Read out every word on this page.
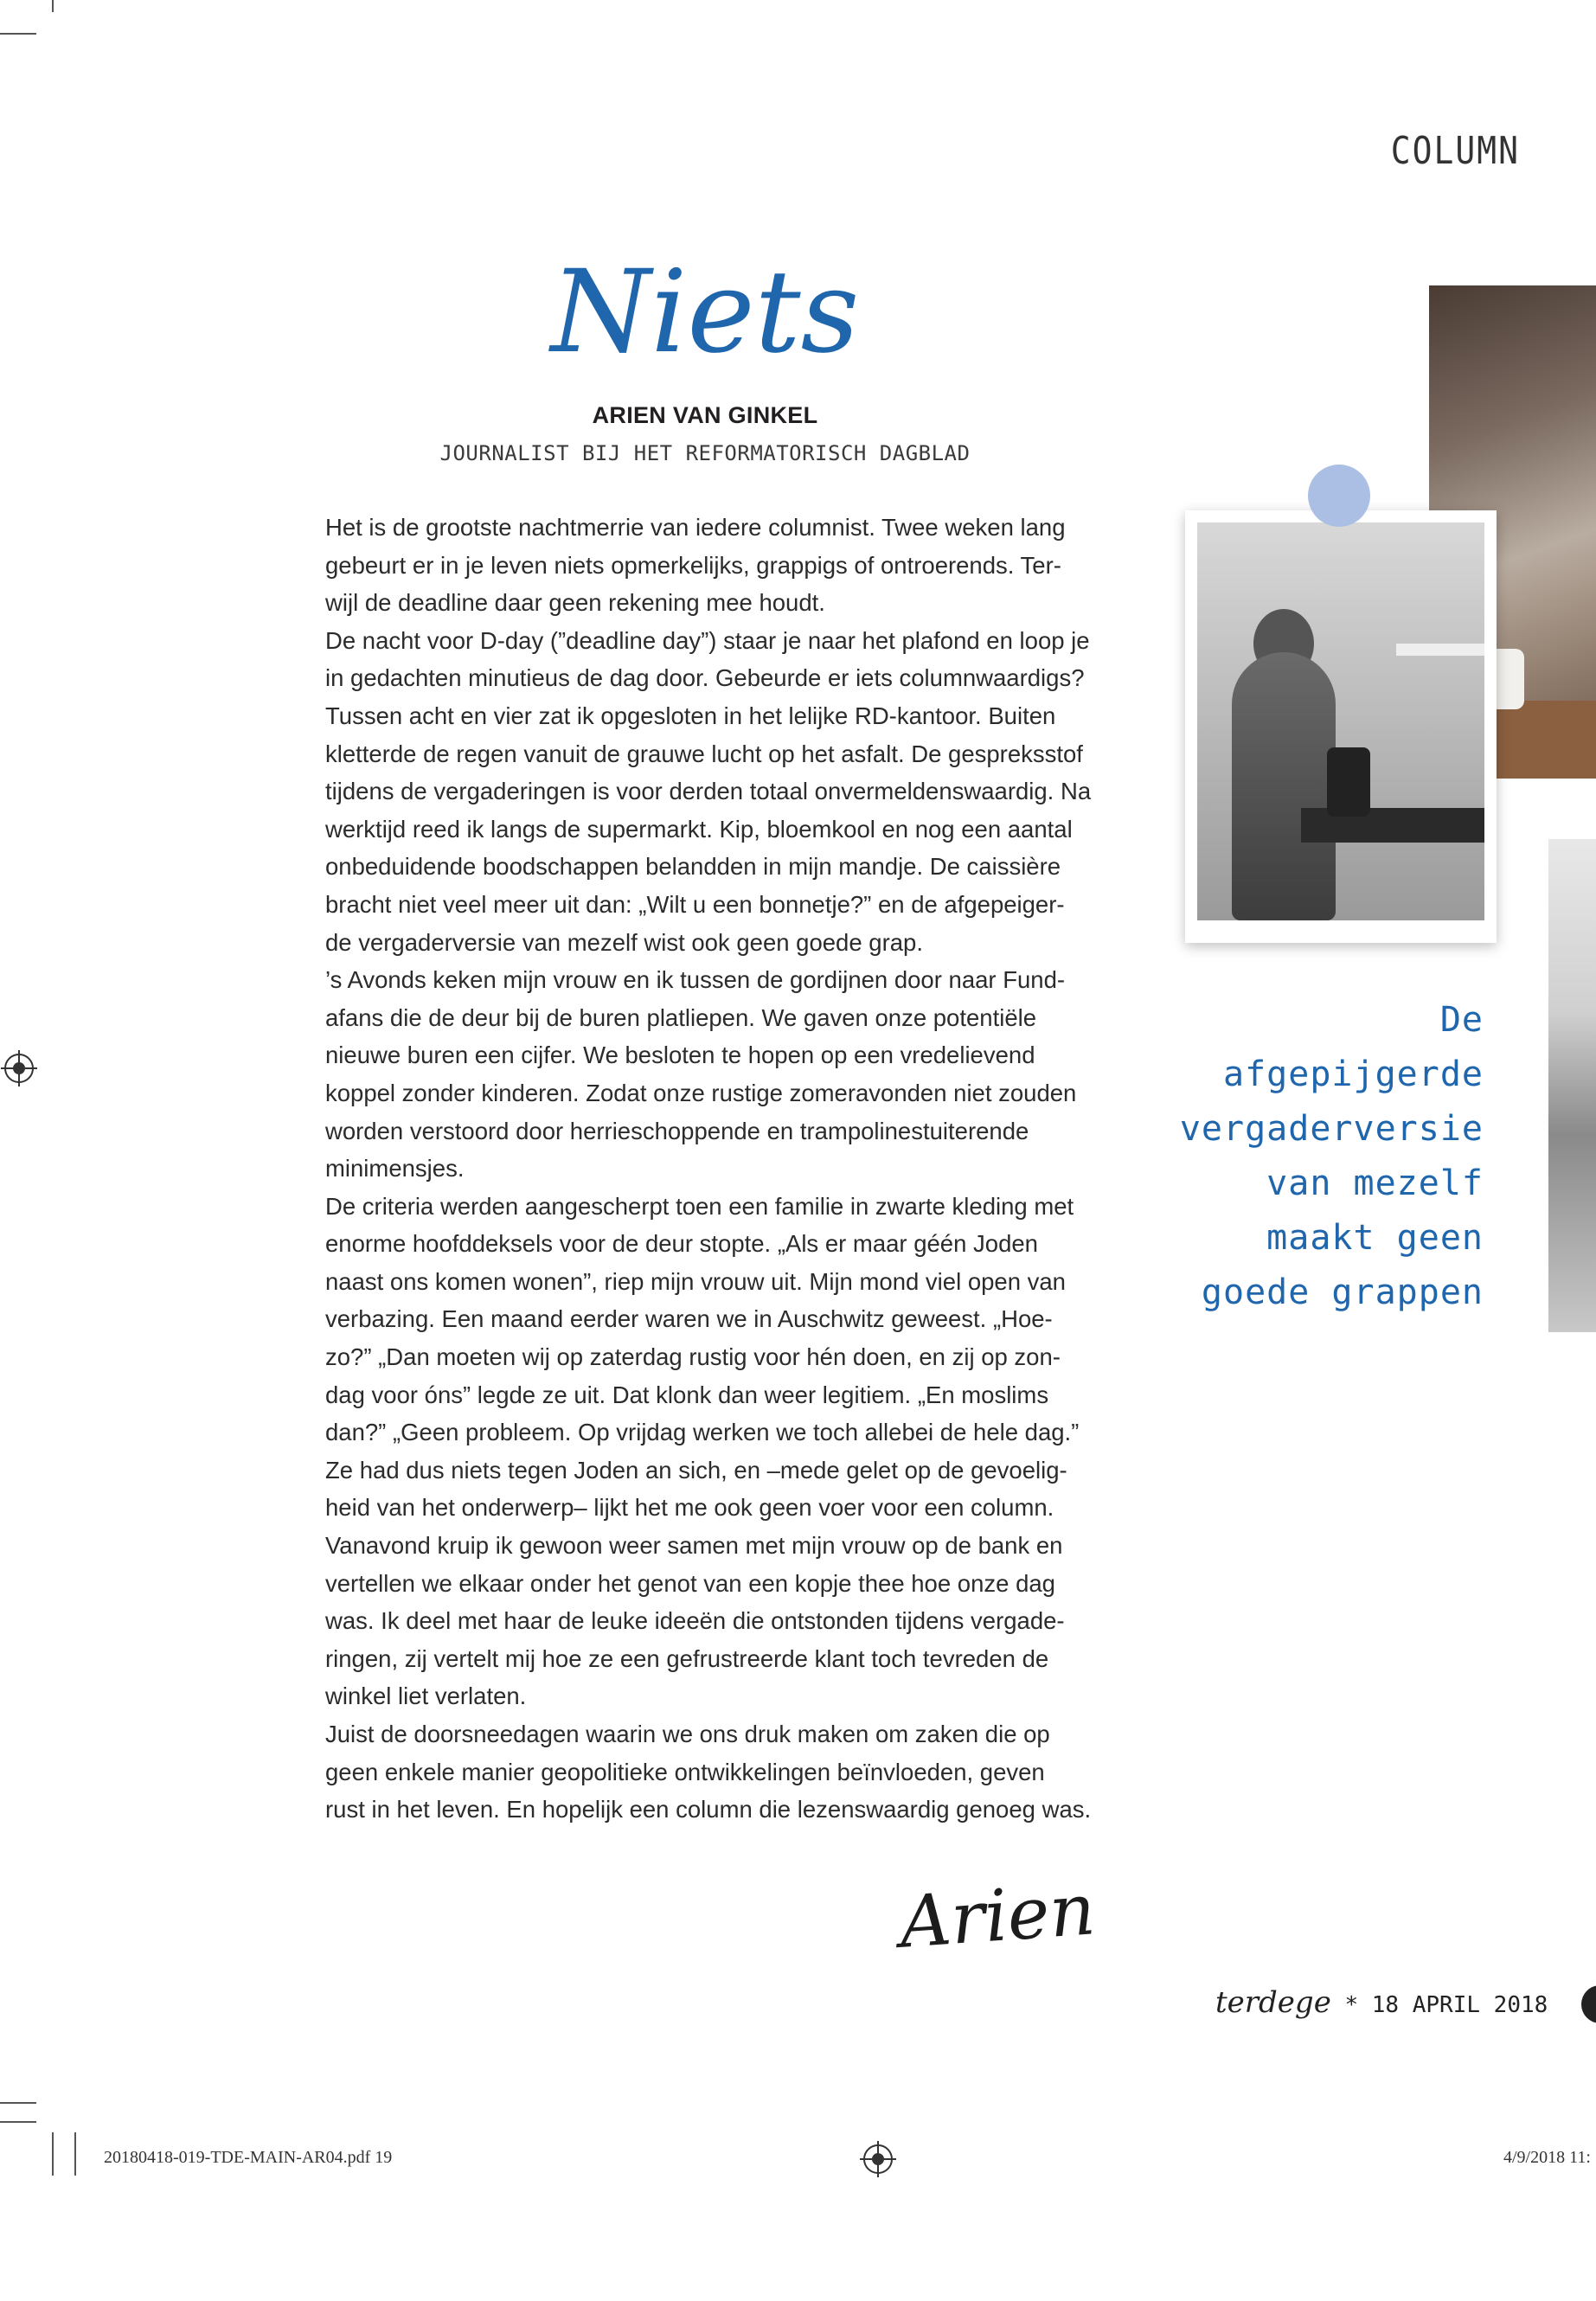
COLUMN
Niets
ARIEN VAN GINKEL
JOURNALIST BIJ HET REFORMATORISCH DAGBLAD
Het is de grootste nachtmerrie van iedere columnist. Twee weken lang
gebeurt er in je leven niets opmerkelijks, grappigs of ontroerends. Ter-
wijl de deadline daar geen rekening mee houdt.
De nacht voor D-day (”deadline day”) staar je naar het plafond en loop je
in gedachten minutieus de dag door. Gebeurde er iets columnwaardigs?
Tussen acht en vier zat ik opgesloten in het lelijke RD-kantoor. Buiten
kletterde de regen vanuit de grauwe lucht op het asfalt. De gespreksstof
tijdens de vergaderingen is voor derden totaal onvermeldenswaardig. Na
werktijd reed ik langs de supermarkt. Kip, bloemkool en nog een aantal
onbeduidende boodschappen belandden in mijn mandje. De caissière
bracht niet veel meer uit dan: „Wilt u een bonnetje?” en de afgepeiger-
de vergaderversie van mezelf wist ook geen goede grap.
’s Avonds keken mijn vrouw en ik tussen de gordijnen door naar Fund-
afans die de deur bij de buren platliepen. We gaven onze potentiële
nieuwe buren een cijfer. We besloten te hopen op een vredelievend
koppel zonder kinderen. Zodat onze rustige zomeravonden niet zouden
worden verstoord door herrieschoppende en trampolinestuiterende
minimensjes.
De criteria werden aangescherpt toen een familie in zwarte kleding met
enorme hoofddeksels voor de deur stopte. „Als er maar géén Joden
naast ons komen wonen”, riep mijn vrouw uit. Mijn mond viel open van
verbazing. Een maand eerder waren we in Auschwitz geweest. „Hoe-
zo?” „Dan moeten wij op zaterdag rustig voor hén doen, en zij op zon-
dag voor óns” legde ze uit. Dat klonk dan weer legitiem. „En moslims
dan?” „Geen probleem. Op vrijdag werken we toch allebei de hele dag.”
Ze had dus niets tegen Joden an sich, en –mede gelet op de gevoelig-
heid van het onderwerp– lijkt het me ook geen voer voor een column.
Vanavond kruip ik gewoon weer samen met mijn vrouw op de bank en
vertellen we elkaar onder het genot van een kopje thee hoe onze dag
was. Ik deel met haar de leuke ideeën die ontstonden tijdens vergade-
ringen, zij vertelt mij hoe ze een gefrustreerde klant toch tevreden de
winkel liet verlaten.
Juist de doorsneedagen waarin we ons druk maken om zaken die op
geen enkele manier geopolitieke ontwikkelingen beïnvloeden, geven
rust in het leven. En hopelijk een column die lezenswaardig genoeg was.
De
afgepijgerde
vergaderversie
van mezelf
maakt geen
goede grappen
Arien
terdege * 18 APRIL 2018
20180418-019-TDE-MAIN-AR04.pdf 19	4/9/2018 11:
